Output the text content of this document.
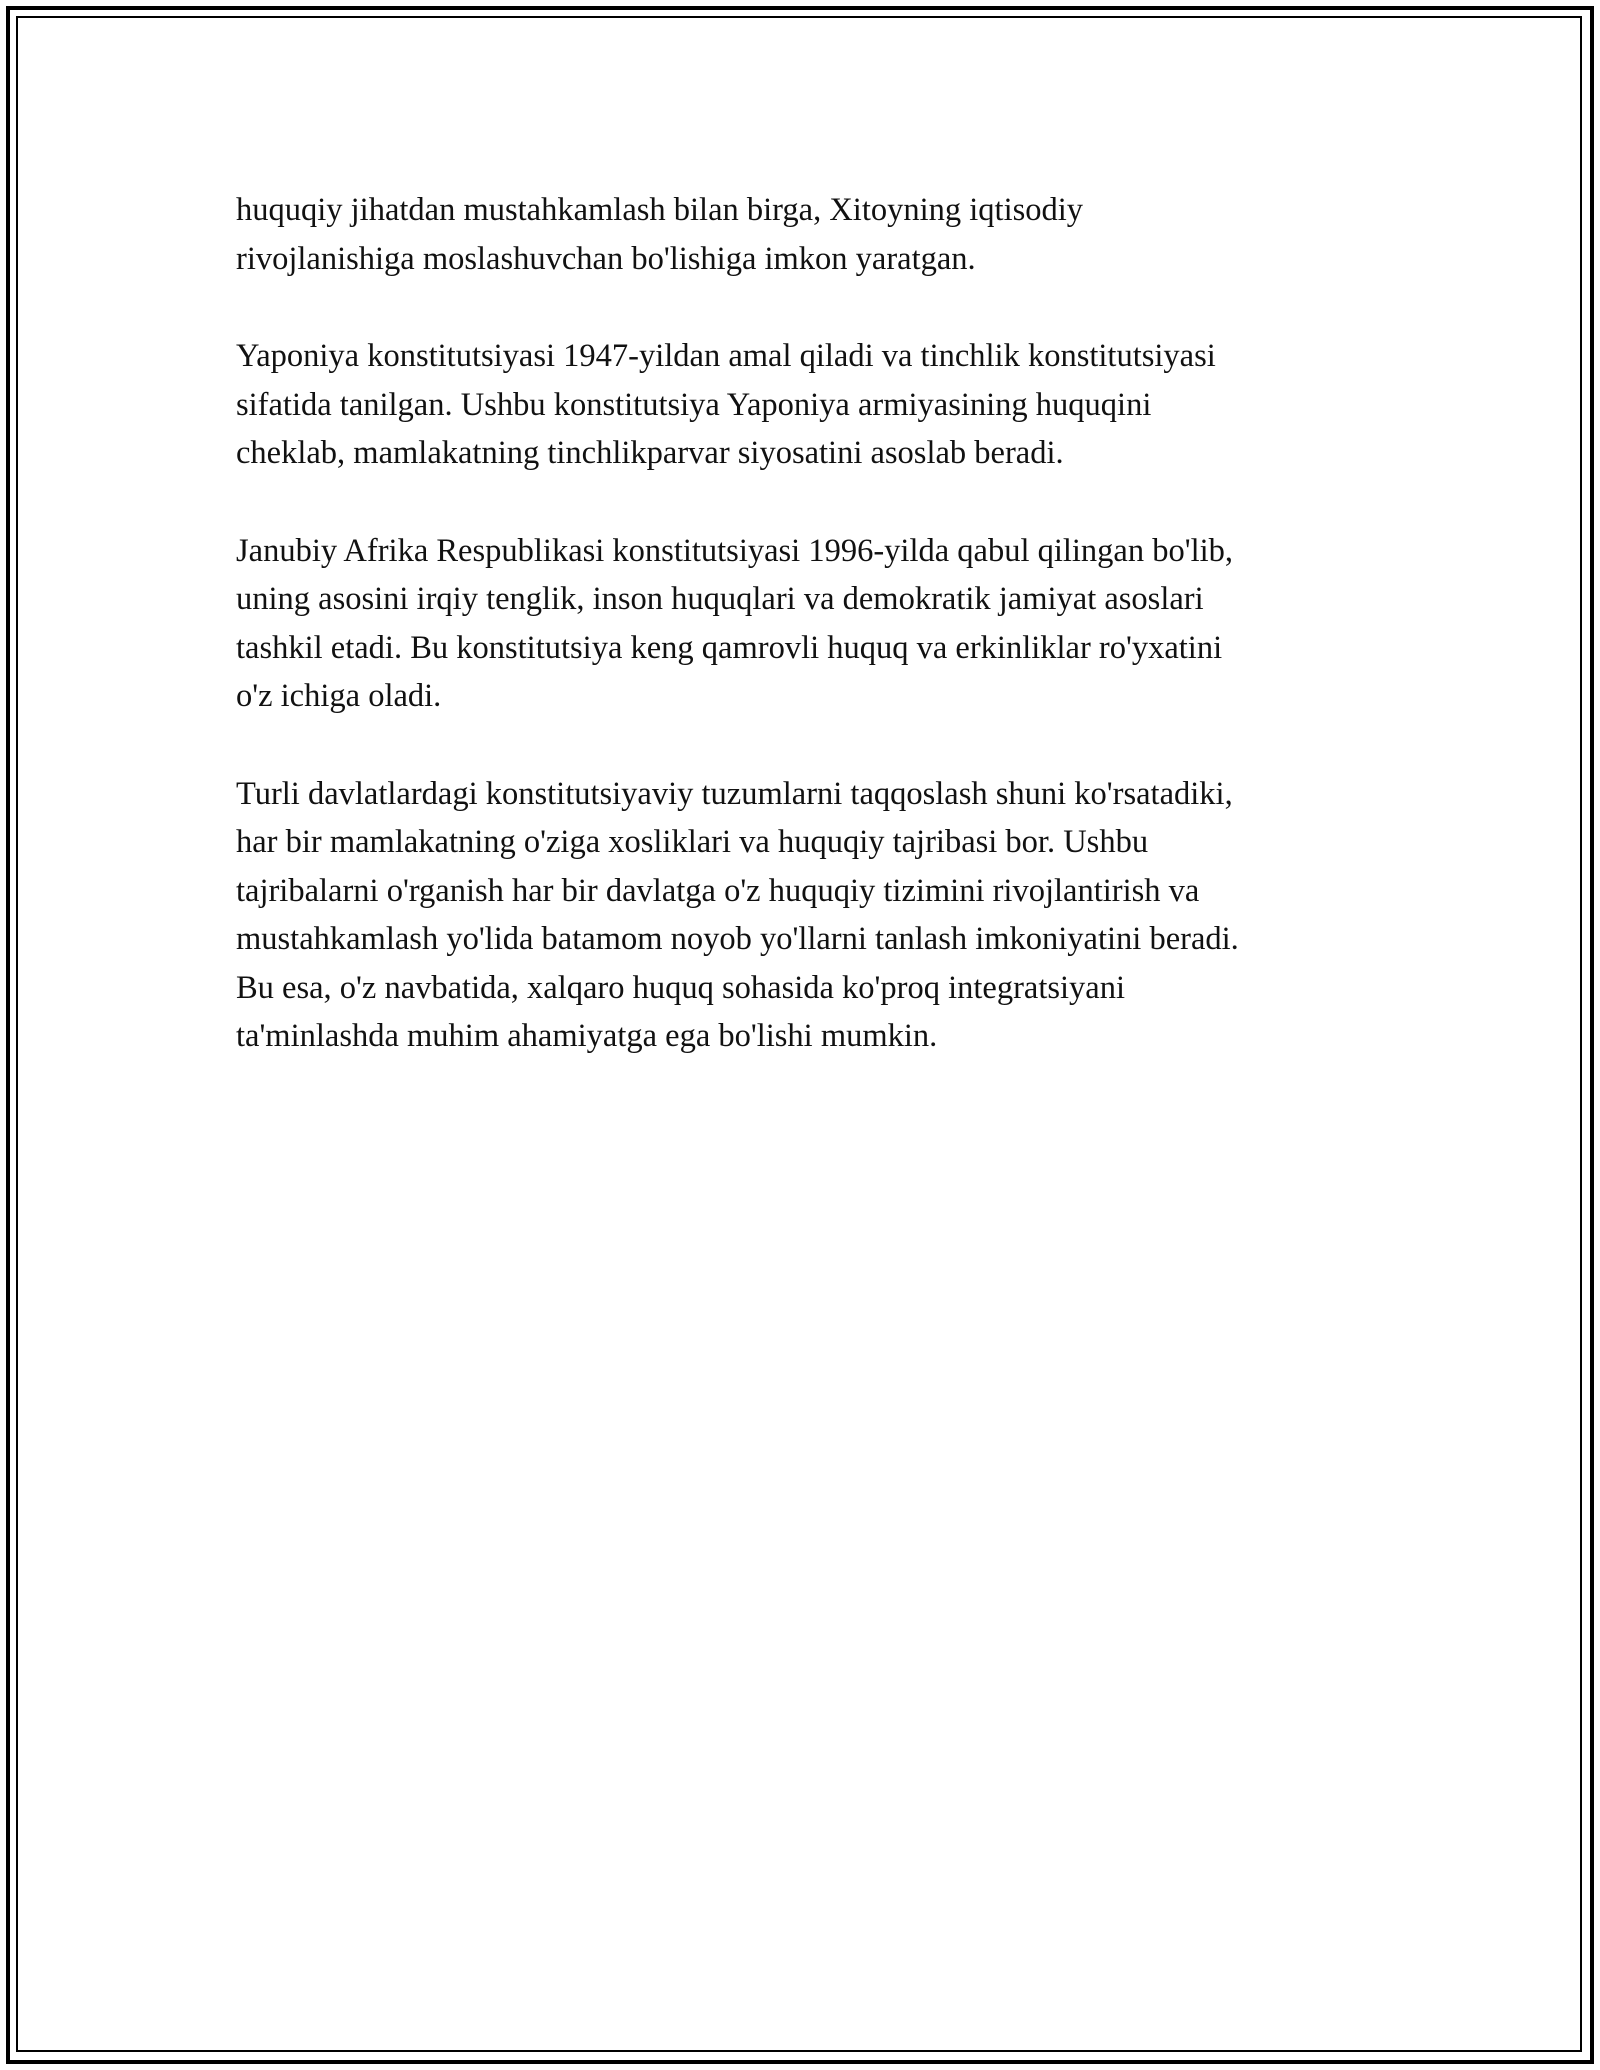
huquqiy jihatdan mustahkamlash bilan birga, Xitoyning iqtisodiy
rivojlanishiga moslashuvchan bo'lishiga imkon yaratgan.

Yaponiya konstitutsiyasi 1947-yildan amal qiladi va tinchlik konstitutsiyasi
sifatida tanilgan. Ushbu konstitutsiya Yaponiya armiyasining huquqini
cheklab, mamlakatning tinchlikparvar siyosatini asoslab beradi.

Janubiy Afrika Respublikasi konstitutsiyasi 1996-yilda qabul qilingan bo'lib,
uning asosini irqiy tenglik, inson huquqlari va demokratik jamiyat asoslari
tashkil etadi. Bu konstitutsiya keng qamrovli huquq va erkinliklar ro'yxatini
o'z ichiga oladi.

Turli davlatlardagi konstitutsiyaviy tuzumlarni taqqoslash shuni ko'rsatadiki,
har bir mamlakatning o'ziga xosliklari va huquqiy tajribasi bor. Ushbu
tajribalarni o'rganish har bir davlatga o'z huquqiy tizimini rivojlantirish va
mustahkamlash yo'lida batamom noyob yo'llarni tanlash imkoniyatini beradi.
Bu esa, o'z navbatida, xalqaro huquq sohasida ko'proq integratsiyani
ta'minlashda muhim ahamiyatga ega bo'lishi mumkin.
